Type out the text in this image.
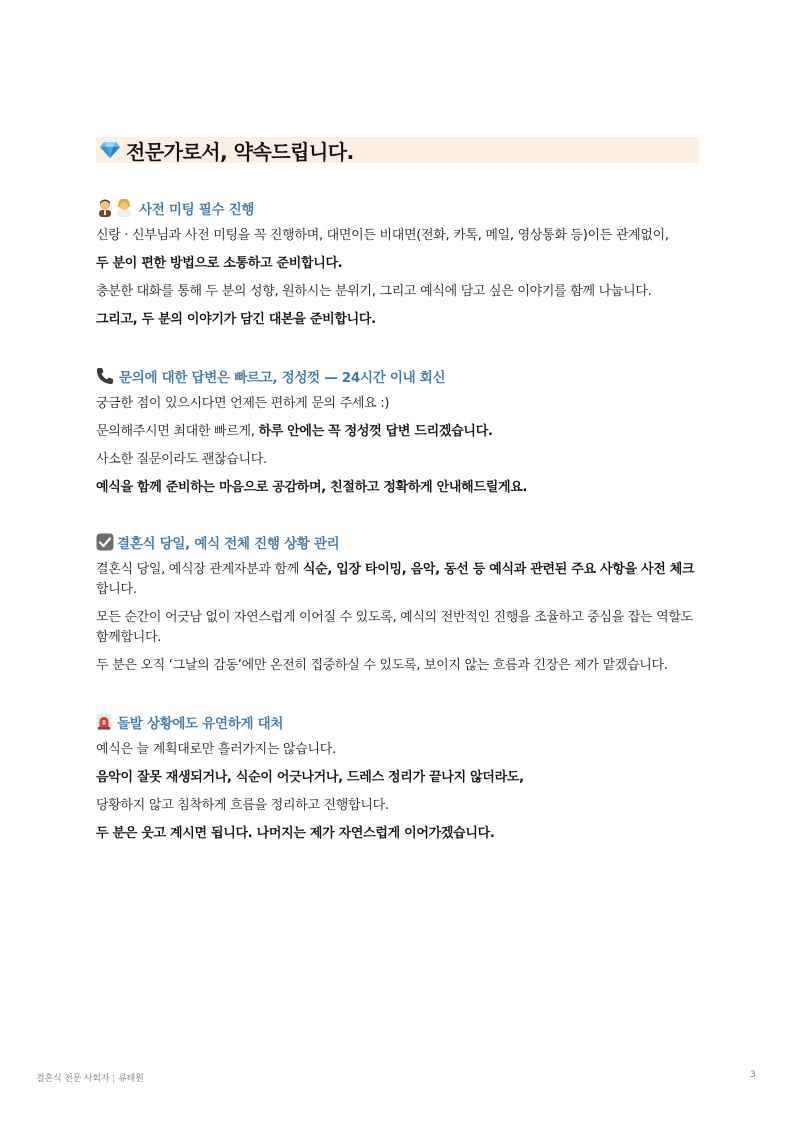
전문가로서, 약속드립니다.
사전 미팅 필수 진행
신랑 · 신부님과 사전 미팅을 꼭 진행하며, 대면이든 비대면(전화, 카톡, 메일, 영상통화 등)이든 관계없이,
두 분이 편한 방법으로 소통하고 준비합니다.
충분한 대화를 통해 두 분의 성향, 원하시는 분위기, 그리고 예식에 담고 싶은 이야기를 함께 나눕니다.
그리고, 두 분의 이야기가 담긴 대본을 준비합니다.
문의에 대한 답변은 빠르고, 정성껏 — 24시간 이내 회신
궁금한 점이 있으시다면 언제든 편하게 문의 주세요 :)
문의해주시면 최대한 빠르게, 하루 안에는 꼭 정성껏 답변 드리겠습니다.
사소한 질문이라도 괜찮습니다.
예식을 함께 준비하는 마음으로 공감하며, 친절하고 정확하게 안내해드릴게요.
결혼식 당일, 예식 전체 진행 상황 관리
결혼식 당일, 예식장 관계자분과 함께 식순, 입장 타이밍, 음악, 동선 등 예식과 관련된 주요 사항을 사전 체크합니다.
모든 순간이 어긋남 없이 자연스럽게 이어질 수 있도록, 예식의 전반적인 진행을 조율하고 중심을 잡는 역할도 함께합니다.
두 분은 오직 ‘그날의 감동’에만 온전히 집중하실 수 있도록, 보이지 않는 흐름과 긴장은 제가 맡겠습니다.
돌발 상황에도 유연하게 대처
예식은 늘 계획대로만 흘러가지는 않습니다.
음악이 잘못 재생되거나, 식순이 어긋나거나, 드레스 정리가 끝나지 않더라도,
당황하지 않고 침착하게 흐름을 정리하고 진행합니다.
두 분은 웃고 계시면 됩니다. 나머지는 제가 자연스럽게 이어가겠습니다.
결혼식 전문 사회자 | 류태원	3
